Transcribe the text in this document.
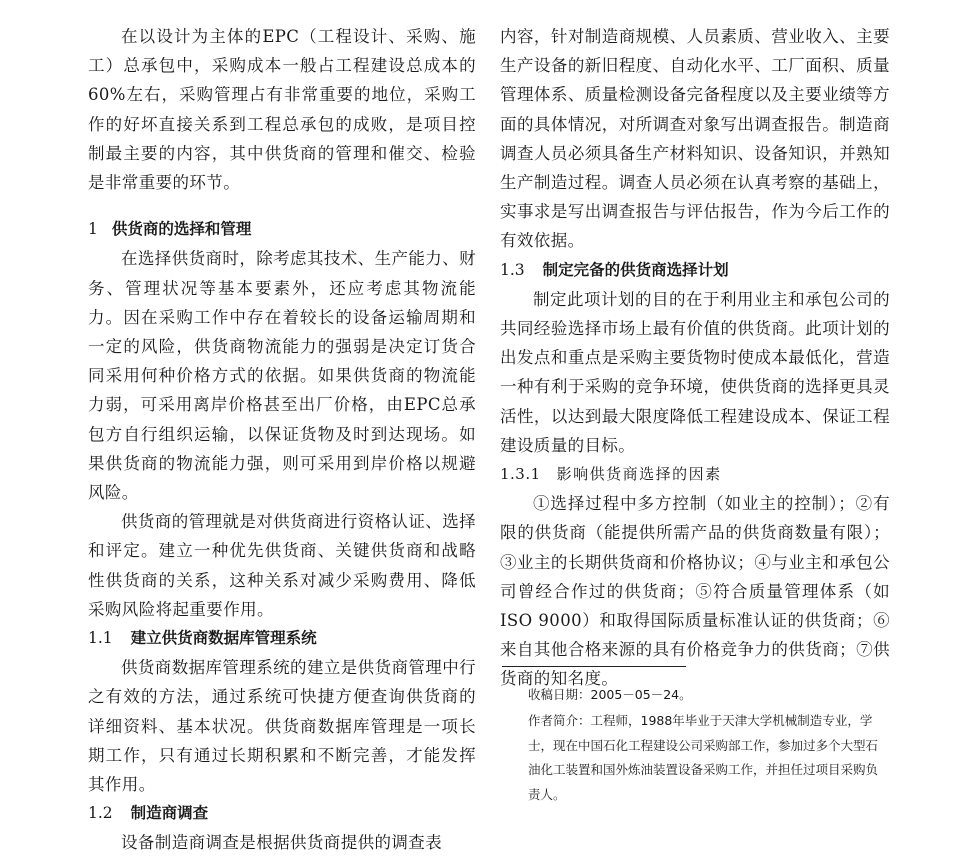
在以设计为主体的EPC（工程设计、采购、施工）总承包中，采购成本一般占工程建设总成本的60%左右，采购管理占有非常重要的地位，采购工作的好坏直接关系到工程总承包的成败，是项目控制最主要的内容，其中供货商的管理和催交、检验是非常重要的环节。

1 供货商的选择和管理

在选择供货商时，除考虑其技术、生产能力、财务、管理状况等基本要素外，还应考虑其物流能力。因在采购工作中存在着较长的设备运输周期和一定的风险，供货商物流能力的强弱是决定订货合同采用何种价格方式的依据。如果供货商的物流能力弱，可采用离岸价格甚至出厂价格，由EPC总承包方自行组织运输，以保证货物及时到达现场。如果供货商的物流能力强，则可采用到岸价格以规避风险。

供货商的管理就是对供货商进行资格认证、选择和评定。建立一种优先供货商、关键供货商和战略性供货商的关系，这种关系对减少采购费用、降低采购风险将起重要作用。

1.1 建立供货商数据库管理系统

供货商数据库管理系统的建立是供货商管理中行之有效的方法，通过系统可快捷方便查询供货商的详细资料、基本状况。供货商数据库管理是一项长期工作，只有通过长期积累和不断完善，才能发挥其作用。

1.2 制造商调查

设备制造商调查是根据供货商提供的调查表

内容，针对制造商规模、人员素质、营业收入、主要生产设备的新旧程度、自动化水平、工厂面积、质量管理体系、质量检测设备完备程度以及主要业绩等方面的具体情况，对所调查对象写出调查报告。制造商调查人员必须具备生产材料知识、设备知识，并熟知生产制造过程。调查人员必须在认真考察的基础上，实事求是写出调查报告与评估报告，作为今后工作的有效依据。

1.3 制定完备的供货商选择计划

制定此项计划的目的在于利用业主和承包公司的共同经验选择市场上最有价值的供货商。此项计划的出发点和重点是采购主要货物时使成本最低化，营造一种有利于采购的竞争环境，使供货商的选择更具灵活性，以达到最大限度降低工程建设成本、保证工程建设质量的目标。

1.3.1 影响供货商选择的因素

①选择过程中多方控制（如业主的控制）；②有限的供货商（能提供所需产品的供货商数量有限）；③业主的长期供货商和价格协议；④与业主和承包公司曾经合作过的供货商；⑤符合质量管理体系（如ISO 9000）和取得国际质量标准认证的供货商；⑥来自其他合格来源的具有价格竞争力的供货商；⑦供货商的知名度。

收稿日期：2005－05－24。

作者简介：工程师，1988年毕业于天津大学机械制造专业，学士，现在中国石化工程建设公司采购部工作，参加过多个大型石油化工装置和国外炼油装置设备采购工作，并担任过项目采购负责人。
